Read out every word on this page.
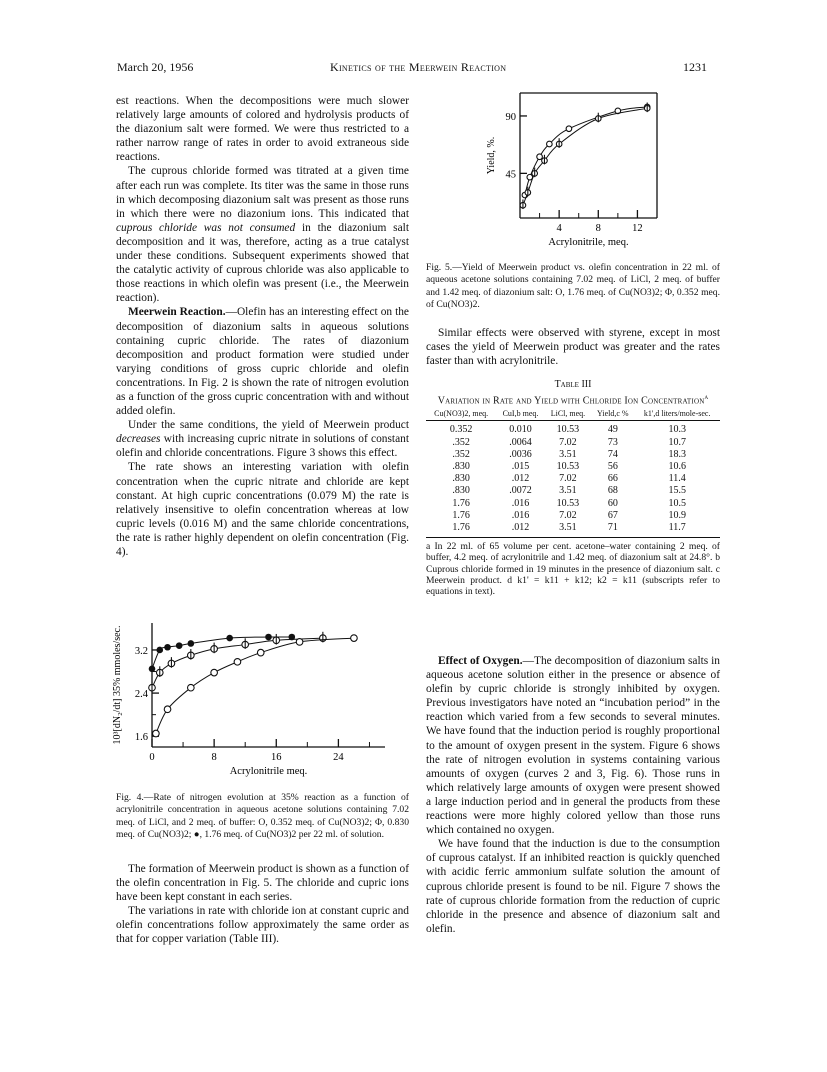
March 20, 1956	Kinetics of the Meerwein Reaction	1231

est reactions. When the decompositions were much slower relatively large amounts of colored and hydrolysis products of the diazonium salt were formed. We were thus restricted to a rather narrow range of rates in order to avoid extraneous side reactions.

The cuprous chloride formed was titrated at a given time after each run was complete. Its titer was the same in those runs in which decomposing diazonium salt was present as those runs in which there were no diazonium ions. This indicated that cuprous chloride was not consumed in the diazonium salt decomposition and it was, therefore, acting as a true catalyst under these conditions. Subsequent experiments showed that the catalytic activity of cuprous chloride was also applicable to those reactions in which olefin was present (i.e., the Meerwein reaction).

Meerwein Reaction.—Olefin has an interesting effect on the decomposition of diazonium salts in aqueous solutions containing cupric chloride. The rates of diazonium decomposition and product formation were studied under varying conditions of gross cupric chloride and olefin concentrations. In Fig. 2 is shown the rate of nitrogen evolution as a function of the gross cupric concentration with and without added olefin.

Under the same conditions, the yield of Meerwein product decreases with increasing cupric nitrate in solutions of constant olefin and chloride concentrations. Figure 3 shows this effect.

The rate shows an interesting variation with olefin concentration when the cupric nitrate and chloride are kept constant. At high cupric concentrations (0.079 M) the rate is relatively insensitive to olefin concentration whereas at low cupric levels (0.016 M) and the same chloride concentrations, the rate is rather highly dependent on olefin concentration (Fig. 4).

0	8	16	24
1.6
2.4
3.2
Acrylonitrile meq.
10³[dN₂/dt] 35% mmoles/sec.
Fig. 4.—Rate of nitrogen evolution at 35% reaction as a function of acrylonitrile concentration in aqueous acetone solutions containing 7.02 meq. of LiCl, and 2 meq. of buffer: O, 0.352 meq. of Cu(NO3)2; Φ, 0.830 meq. of Cu(NO3)2; ●, 1.76 meq. of Cu(NO3)2 per 22 ml. of solution.

The formation of Meerwein product is shown as a function of the olefin concentration in Fig. 5. The chloride and cupric ions have been kept constant in each series.

The variations in rate with chloride ion at constant cupric and olefin concentrations follow approximately the same order as that for copper variation (Table III).

4	8	12
45
90
Acrylonitrile, meq.
Yield, %.
Fig. 5.—Yield of Meerwein product vs. olefin concentration in 22 ml. of aqueous acetone solutions containing 7.02 meq. of LiCl, 2 meq. of buffer and 1.42 meq. of diazonium salt: O, 1.76 meq. of Cu(NO3)2; Φ, 0.352 meq. of Cu(NO3)2.

Similar effects were observed with styrene, except in most cases the yield of Meerwein product was greater and the rates faster than with acrylonitrile.

Table III
Variation in Rate and Yield with Chloride Ion Concentration$^a$
Cu(NO3)2, meq.	CuI,b meq.	LiCl, meq.	Yield,c %	k1',d liters/mole-sec.
0.352	0.010	10.53	49	10.3
.352	.0064	7.02	73	10.7
.352	.0036	3.51	74	18.3
.830	.015	10.53	56	10.6
.830	.012	7.02	66	11.4
.830	.0072	3.51	68	15.5
1.76	.016	10.53	60	10.5
1.76	.016	7.02	67	10.9
1.76	.012	3.51	71	11.7
a In 22 ml. of 65 volume per cent. acetone–water containing 2 meq. of buffer, 4.2 meq. of acrylonitrile and 1.42 meq. of diazonium salt at 24.8°. b Cuprous chloride formed in 19 minutes in the presence of diazonium salt. c Meerwein product. d k1' = k11 + k12; k2 = k11 (subscripts refer to equations in text).

Effect of Oxygen.—The decomposition of diazonium salts in aqueous acetone solution either in the presence or absence of olefin by cupric chloride is strongly inhibited by oxygen. Previous investigators have noted an “incubation period” in the reaction which varied from a few seconds to several minutes. We have found that the induction period is roughly proportional to the amount of oxygen present in the system. Figure 6 shows the rate of nitrogen evolution in systems containing various amounts of oxygen (curves 2 and 3, Fig. 6). Those runs in which relatively large amounts of oxygen were present showed a large induction period and in general the products from these reactions were more highly colored yellow than those runs which contained no oxygen.

We have found that the induction is due to the consumption of cuprous catalyst. If an inhibited reaction is quickly quenched with acidic ferric ammonium sulfate solution the amount of cuprous chloride present is found to be nil. Figure 7 shows the rate of cuprous chloride formation from the reduction of cupric chloride in the presence and absence of diazonium salt and olefin.
